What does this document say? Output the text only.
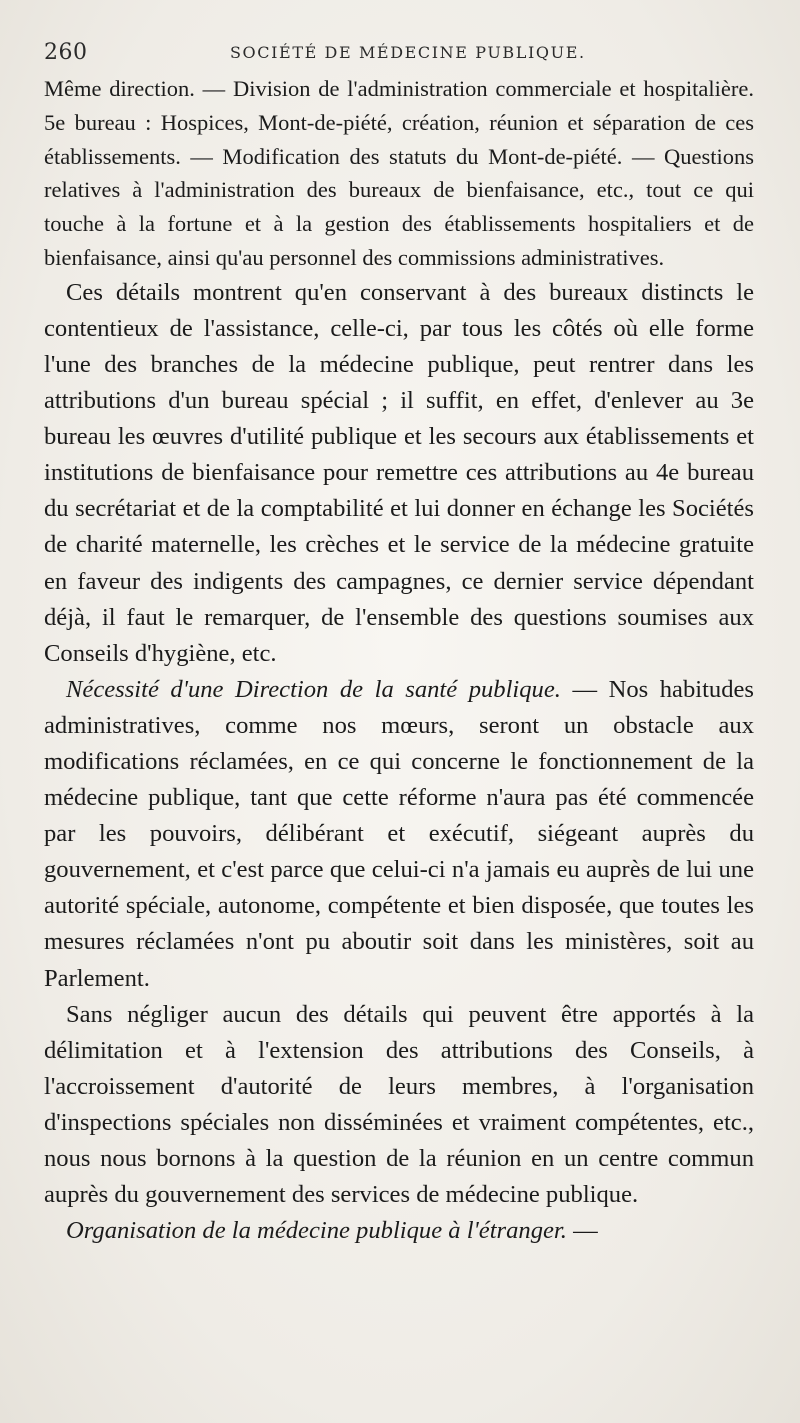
260	SOCIÉTÉ DE MÉDECINE PUBLIQUE.

Même direction. — Division de l'administration commerciale et hospitalière. 5e bureau : Hospices, Mont-de-piété, création, réunion et séparation de ces établissements. — Modification des statuts du Mont-de-piété. — Questions relatives à l'administration des bureaux de bienfaisance, etc., tout ce qui touche à la fortune et à la gestion des établissements hospitaliers et de bienfaisance, ainsi qu'au personnel des commissions administratives.

Ces détails montrent qu'en conservant à des bureaux distincts le contentieux de l'assistance, celle-ci, par tous les côtés où elle forme l'une des branches de la médecine publique, peut rentrer dans les attributions d'un bureau spécial ; il suffit, en effet, d'enlever au 3e bureau les œuvres d'utilité publique et les secours aux établissements et institutions de bienfaisance pour remettre ces attributions au 4e bureau du secrétariat et de la comptabilité et lui donner en échange les Sociétés de charité maternelle, les crèches et le service de la médecine gratuite en faveur des indigents des campagnes, ce dernier service dépendant déjà, il faut le remarquer, de l'ensemble des questions soumises aux Conseils d'hygiène, etc.

Nécessité d'une Direction de la santé publique. — Nos habitudes administratives, comme nos mœurs, seront un obstacle aux modifications réclamées, en ce qui concerne le fonctionnement de la médecine publique, tant que cette réforme n'aura pas été commencée par les pouvoirs, délibérant et exécutif, siégeant auprès du gouvernement, et c'est parce que celui-ci n'a jamais eu auprès de lui une autorité spéciale, autonome, compétente et bien disposée, que toutes les mesures réclamées n'ont pu aboutir soit dans les ministères, soit au Parlement.

Sans négliger aucun des détails qui peuvent être apportés à la délimitation et à l'extension des attributions des Conseils, à l'accroissement d'autorité de leurs membres, à l'organisation d'inspections spéciales non disséminées et vraiment compétentes, etc., nous nous bornons à la question de la réunion en un centre commun auprès du gouvernement des services de médecine publique.

Organisation de la médecine publique à l'étranger. —
